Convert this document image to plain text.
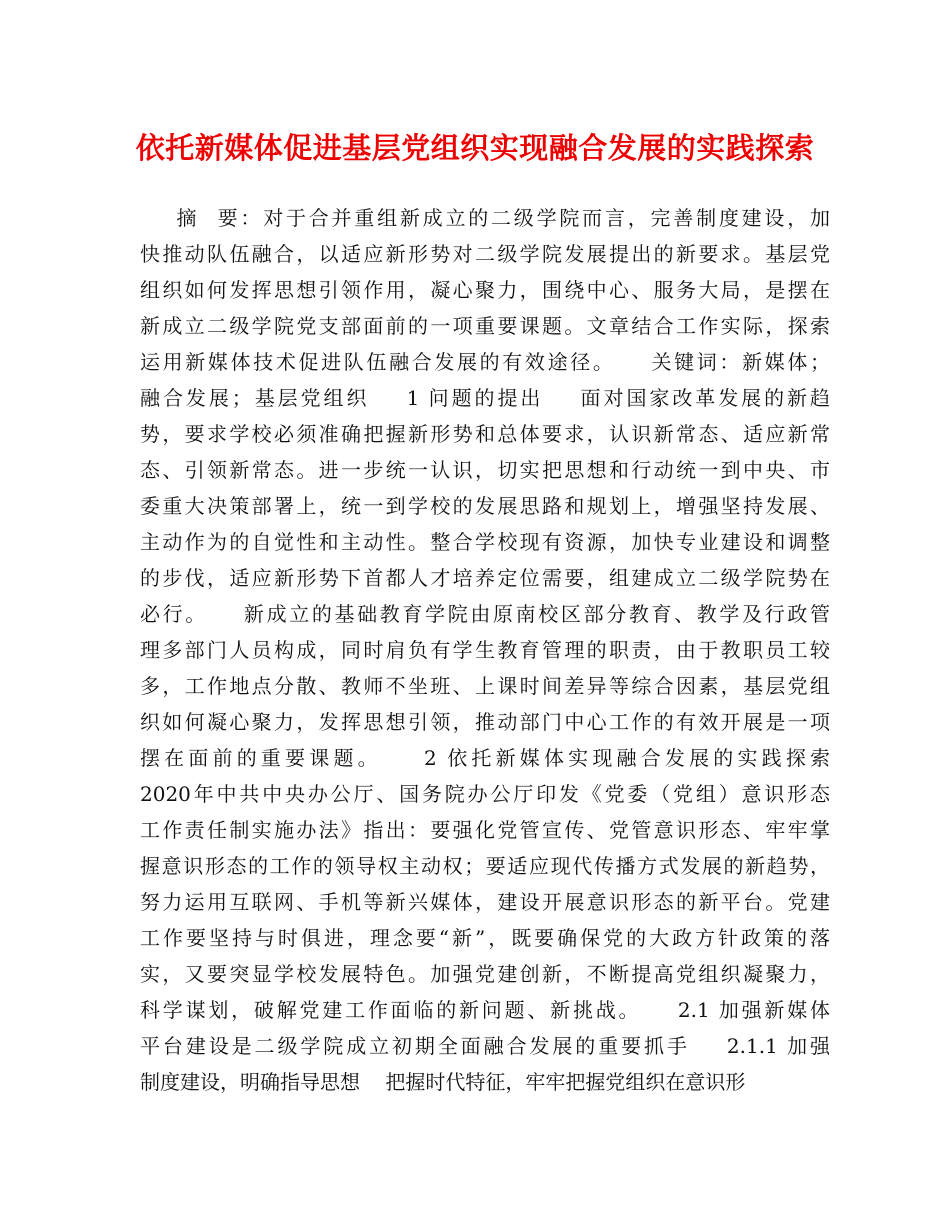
依托新媒体促进基层党组织实现融合发展的实践探索
摘  要：对于合并重组新成立的二级学院而言，完善制度建设，加
快推动队伍融合，以适应新形势对二级学院发展提出的新要求。基层党
组织如何发挥思想引领作用，凝心聚力，围绕中心、服务大局，是摆在
新成立二级学院党支部面前的一项重要课题。文章结合工作实际，探索
运用新媒体技术促进队伍融合发展的有效途径。    关键词：新媒体；
融合发展；基层党组织    1 问题的提出    面对国家改革发展的新趋
势，要求学校必须准确把握新形势和总体要求，认识新常态、适应新常
态、引领新常态。进一步统一认识，切实把思想和行动统一到中央、市
委重大决策部署上，统一到学校的发展思路和规划上，增强坚持发展、
主动作为的自觉性和主动性。整合学校现有资源，加快专业建设和调整
的步伐，适应新形势下首都人才培养定位需要，组建成立二级学院势在
必行。    新成立的基础教育学院由原南校区部分教育、教学及行政管
理多部门人员构成，同时肩负有学生教育管理的职责，由于教职员工较
多，工作地点分散、教师不坐班、上课时间差异等综合因素，基层党组
织如何凝心聚力，发挥思想引领，推动部门中心工作的有效开展是一项
摆在面前的重要课题。    2 依托新媒体实现融合发展的实践探索
2020年中共中央办公厅、国务院办公厅印发《党委（党组）意识形态
工作责任制实施办法》指出：要强化党管宣传、党管意识形态、牢牢掌
握意识形态的工作的领导权主动权；要适应现代传播方式发展的新趋势，
努力运用互联网、手机等新兴媒体，建设开展意识形态的新平台。党建
工作要坚持与时俱进，理念要“新”，既要确保党的大政方针政策的落
实，又要突显学校发展特色。加强党建创新，不断提高党组织凝聚力，
科学谋划，破解党建工作面临的新问题、新挑战。    2.1 加强新媒体
平台建设是二级学院成立初期全面融合发展的重要抓手    2.1.1 加强
制度建设，明确指导思想    把握时代特征，牢牢把握党组织在意识形
